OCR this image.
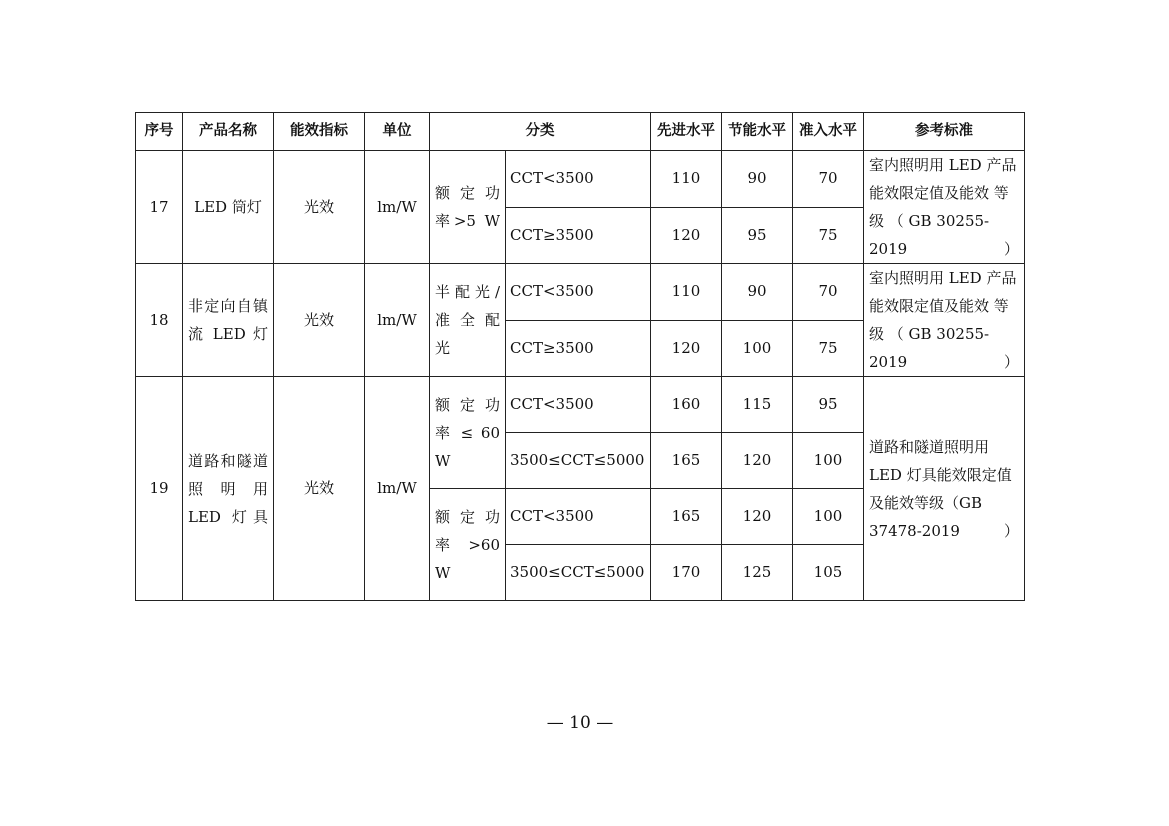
序号	产品名称	能效指标	单位	分类		先进水平	节能水平	准入水平	参考标准
17	LED 筒灯	光效	lm/W	额 定 功 率>5 W	CCT<3500	110	90	70	室内照明用 LED 产品能效限定值及能效 等 级 （ GB 30255-2019）
					CCT≥3500	120	95	75	
18	非定向自镇流 LED 灯	光效	lm/W	半配光/准 全 配 光	CCT<3500	110	90	70	室内照明用 LED 产品能效限定值及能效 等 级 （ GB 30255-2019）
					CCT≥3500	120	100	75	
19	道路和隧道照明用 LED 灯具	光效	lm/W	额 定 功 率 ≤ 60 W	CCT<3500	160	115	95	道路和隧道照明用 LED 灯具能效限定值及能效等级（GB 37478-2019）
					3500≤CCT≤5000	165	120	100	
				额 定 功 率>60 W	CCT<3500	165	120	100	
					3500≤CCT≤5000	170	125	105	
— 10 —
